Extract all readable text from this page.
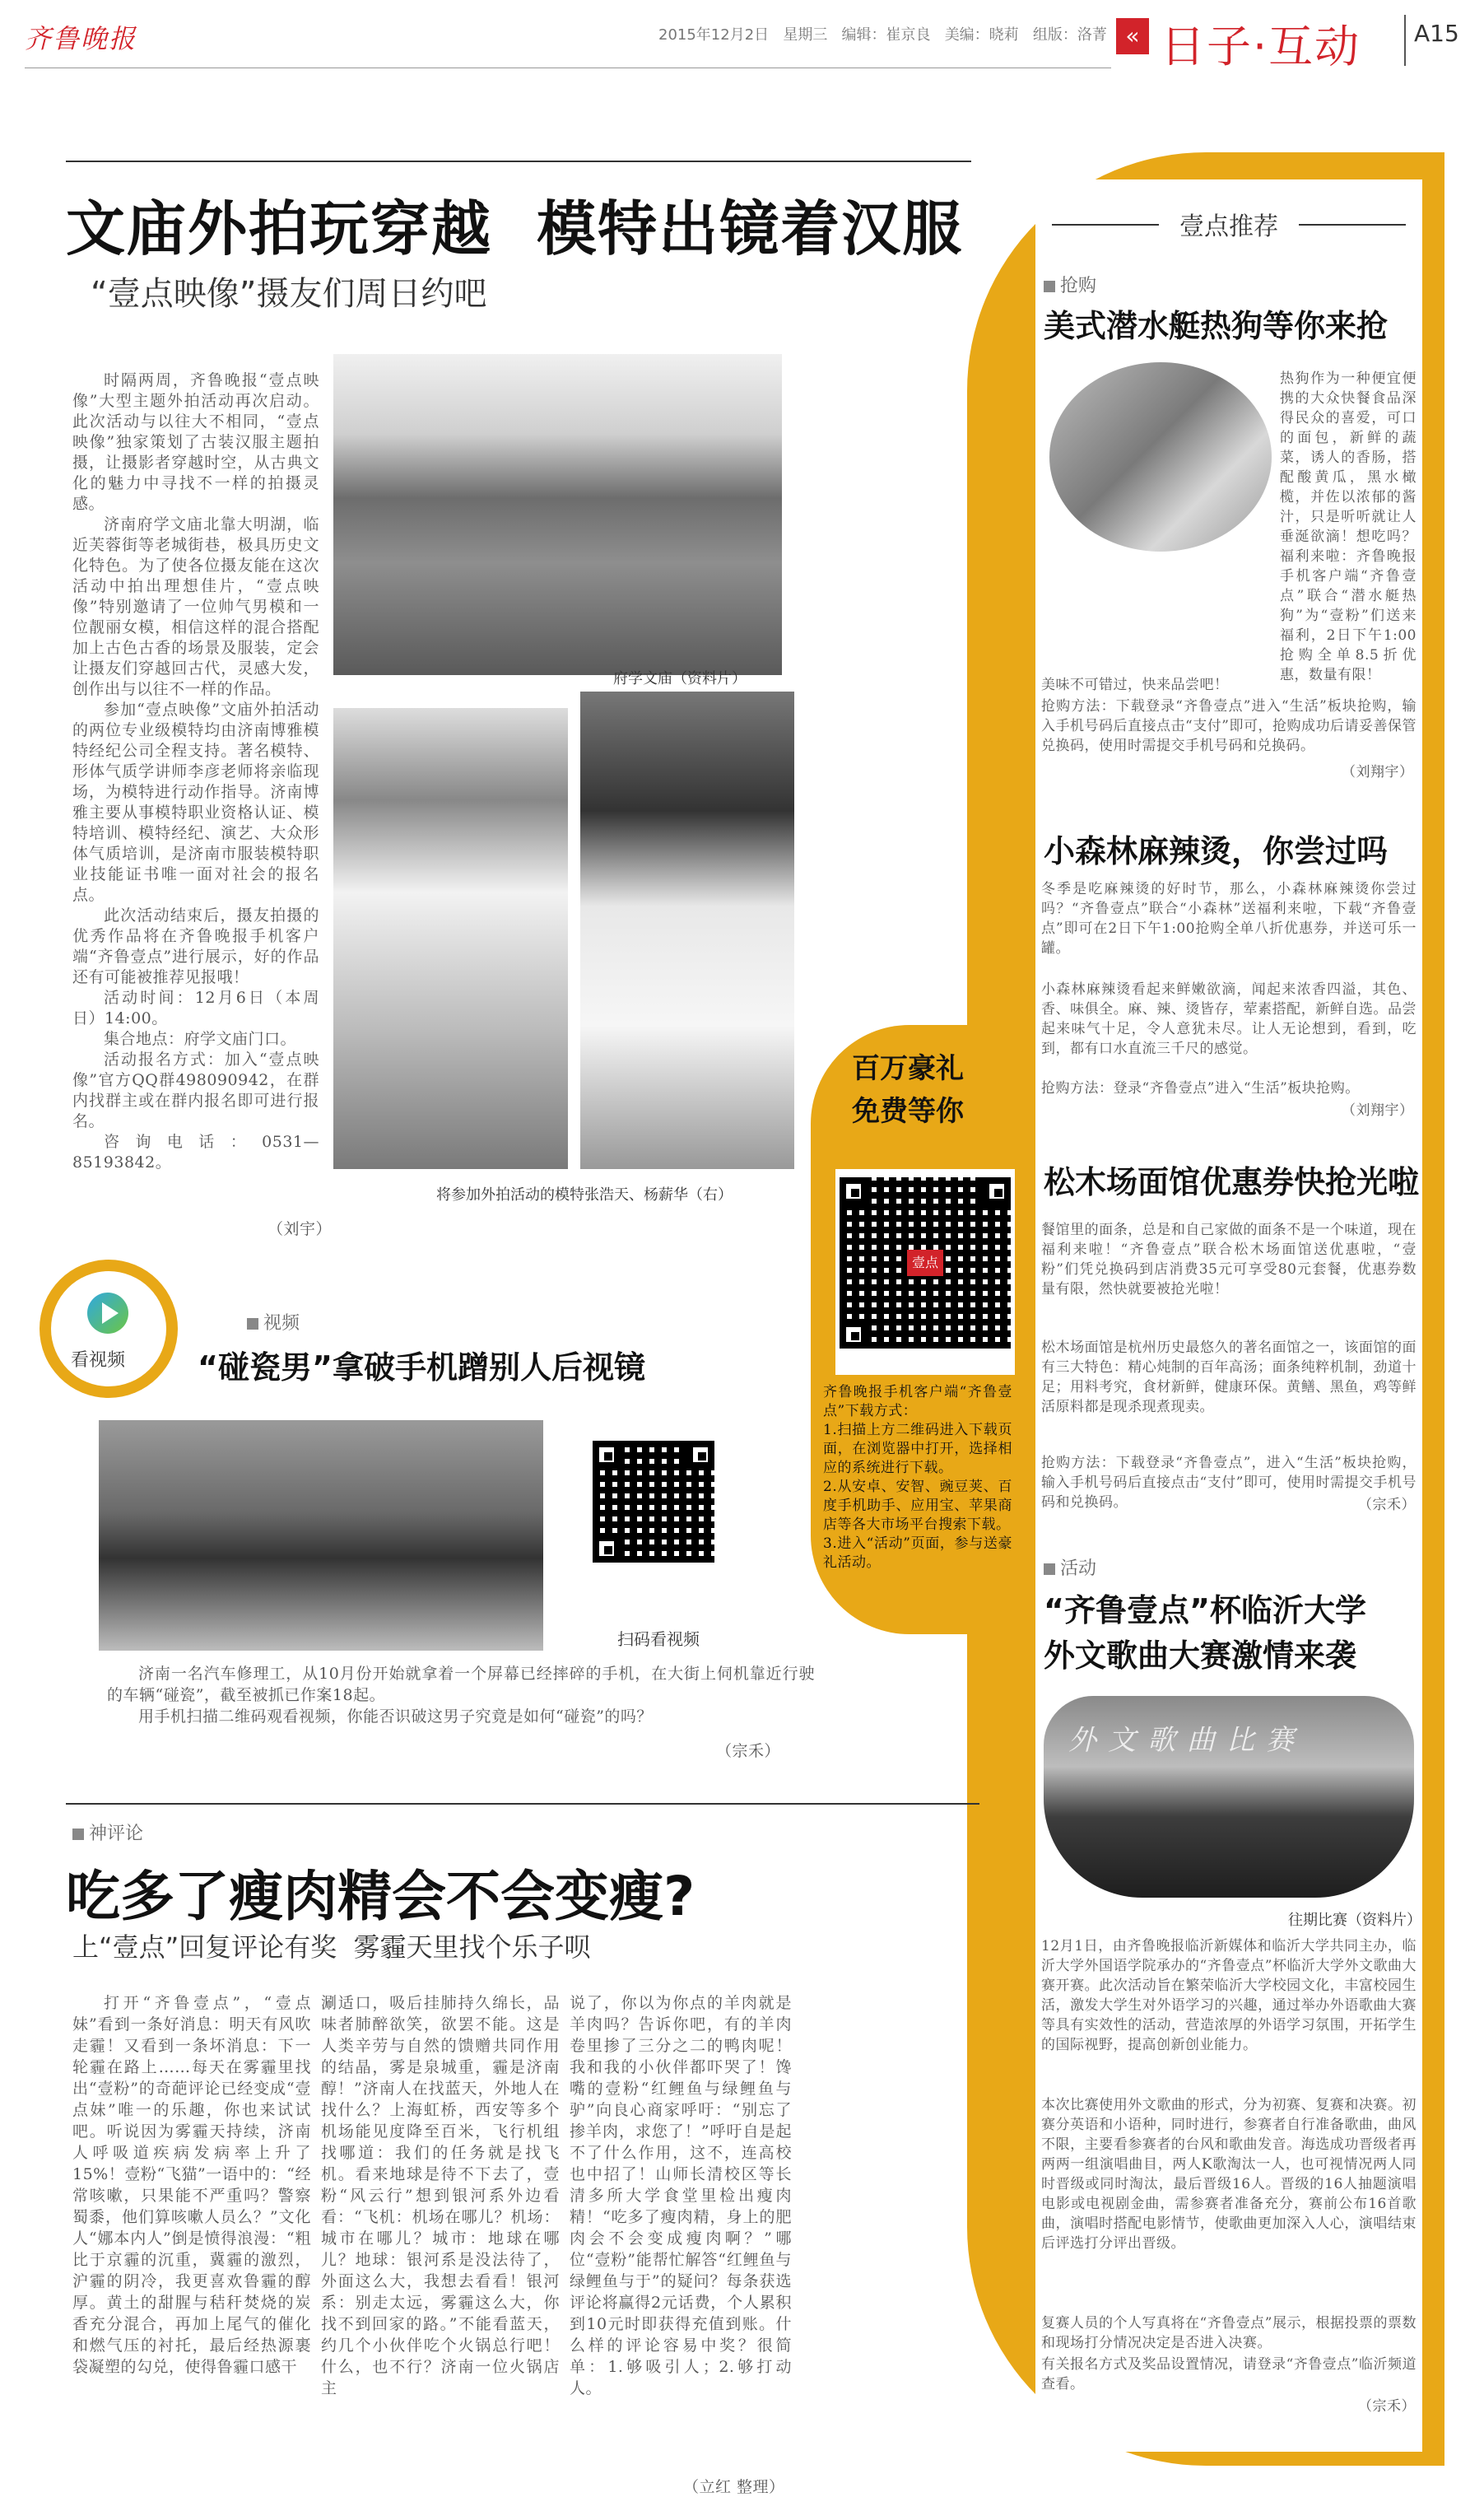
齐鲁晚报	2015年12月2日 星期三 编辑：崔京良 美编：晓莉 组版：洛菁 « 日子·互动 A15
壹点推荐
抢购
美式潜水艇热狗等你来抢
热狗作为一种便宜便携的大众快餐食品深得民众的喜爱，可口的面包，新鲜的蔬菜，诱人的香肠，搭配酸黄瓜，黑水橄榄，并佐以浓郁的酱汁，只是听听就让人垂涎欲滴！想吃吗？福利来啦：齐鲁晚报手机客户端“齐鲁壹点”联合“潜水艇热狗”为“壹粉”们送来福利，2日下午1:00抢购全单8.5折优惠，数量有限！
美味不可错过，快来品尝吧！
抢购方法：下载登录“齐鲁壹点”进入“生活”板块抢购，输入手机号码后直接点击“支付”即可，抢购成功后请妥善保管兑换码，使用时需提交手机号码和兑换码。
（刘翔宇）
小森林麻辣烫，你尝过吗
冬季是吃麻辣烫的好时节，那么，小森林麻辣烫你尝过吗？“齐鲁壹点”联合“小森林”送福利来啦，下载“齐鲁壹点”即可在2日下午1:00抢购全单八折优惠券，并送可乐一罐。
小森林麻辣烫看起来鲜嫩欲滴，闻起来浓香四溢，其色、香、味俱全。麻、辣、烫皆存，荤素搭配，新鲜自选。品尝起来味气十足，令人意犹未尽。让人无论想到，看到，吃到，都有口水直流三千尺的感觉。
抢购方法：登录“齐鲁壹点”进入“生活”板块抢购。
（刘翔宇）
松木场面馆优惠券快抢光啦
餐馆里的面条，总是和自己家做的面条不是一个味道，现在福利来啦！“齐鲁壹点”联合松木场面馆送优惠啦，“壹粉”们凭兑换码到店消费35元可享受80元套餐，优惠券数量有限，然快就要被抢光啦！
松木场面馆是杭州历史最悠久的著名面馆之一，该面馆的面有三大特色：精心炖制的百年高汤；面条纯粹机制，劲道十足；用料考究，食材新鲜，健康环保。黄鳝、黑鱼，鸡等鲜活原料都是现杀现煮现卖。
抢购方法：下载登录“齐鲁壹点”，进入“生活”板块抢购，输入手机号码后直接点击“支付”即可，使用时需提交手机号码和兑换码。	（宗禾）
活动
“齐鲁壹点”杯临沂大学
外文歌曲大赛激情来袭
外文歌曲比赛
往期比赛（资料片）
12月1日，由齐鲁晚报临沂新媒体和临沂大学共同主办，临沂大学外国语学院承办的“齐鲁壹点”杯临沂大学外文歌曲大赛开赛。此次活动旨在繁荣临沂大学校园文化，丰富校园生活，激发大学生对外语学习的兴趣，通过举办外语歌曲大赛等具有实效性的活动，营造浓厚的外语学习氛围，开拓学生的国际视野，提高创新创业能力。
本次比赛使用外文歌曲的形式，分为初赛、复赛和决赛。初赛分英语和小语种，同时进行，参赛者自行准备歌曲，曲风不限，主要看参赛者的台风和歌曲发音。海选成功晋级者再两两一组演唱曲目，两人K歌淘汰一人，也可视情况两人同时晋级或同时淘汰，最后晋级16人。晋级的16人抽题演唱电影或电视剧金曲，需参赛者准备充分，赛前公布16首歌曲，演唱时搭配电影情节，使歌曲更加深入人心，演唱结束后评选打分评出晋级。
复赛人员的个人写真将在“齐鲁壹点”展示，根据投票的票数和现场打分情况决定是否进入决赛。
有关报名方式及奖品设置情况，请登录“齐鲁壹点”临沂频道查看。
（宗禾）
文庙外拍玩穿越  模特出镜着汉服
“壹点映像”摄友们周日约吧

时隔两周，齐鲁晚报“壹点映像”大型主题外拍活动再次启动。此次活动与以往大不相同，“壹点映像”独家策划了古装汉服主题拍摄，让摄影者穿越时空，从古典文化的魅力中寻找不一样的拍摄灵感。

济南府学文庙北靠大明湖，临近芙蓉街等老城街巷，极具历史文化特色。为了使各位摄友能在这次活动中拍出理想佳片，“壹点映像”特别邀请了一位帅气男模和一位靓丽女模，相信这样的混合搭配加上古色古香的场景及服装，定会让摄友们穿越回古代，灵感大发，创作出与以往不一样的作品。

参加“壹点映像”文庙外拍活动的两位专业级模特均由济南博雅模特经纪公司全程支持。著名模特、形体气质学讲师李彦老师将亲临现场，为模特进行动作指导。济南博雅主要从事模特职业资格认证、模特培训、模特经纪、演艺、大众形体气质培训，是济南市服装模特职业技能证书唯一面对社会的报名点。

此次活动结束后，摄友拍摄的优秀作品将在齐鲁晚报手机客户端“齐鲁壹点”进行展示，好的作品还有可能被推荐见报哦！

活动时间：12月6日（本周日）14:00。

集合地点：府学文庙门口。

活动报名方式：加入“壹点映像”官方QQ群498090942，在群内找群主或在群内报名即可进行报名。

咨询电话：0531—85193842。

（刘宇）
府学文庙（资料片）
将参加外拍活动的模特张浩天、杨薪华（右）
看视频
视频
“碰瓷男”拿破手机蹭别人后视镜
扫码看视频

济南一名汽车修理工，从10月份开始就拿着一个屏幕已经摔碎的手机，在大街上伺机靠近行驶的车辆“碰瓷”，截至被抓已作案18起。

用手机扫描二维码观看视频，你能否识破这男子究竟是如何“碰瓷”的吗？

（宗禾）
百万豪礼
免费等你
壹点
齐鲁晚报手机客户端“齐鲁壹点”下载方式：
1.扫描上方二维码进入下载页面，在浏览器中打开，选择相应的系统进行下载。
2.从安卓、安智、豌豆荚、百度手机助手、应用宝、苹果商店等各大市场平台搜索下载。
3.进入“活动”页面，参与送豪礼活动。
神评论
吃多了瘦肉精会不会变瘦?
上“壹点”回复评论有奖  雾霾天里找个乐子呗
打开“齐鲁壹点”，“壹点妹”看到一条好消息：明天有风吹走霾！又看到一条坏消息：下一轮霾在路上……每天在雾霾里找出“壹粉”的奇葩评论已经变成“壹点妹”唯一的乐趣，你也来试试吧。听说因为雾霾天持续，济南人呼吸道疾病发病率上升了15%！壹粉“飞猫”一语中的：“经常咳嗽，只果能不严重吗？警察蜀黍，他们算咳嗽人员么？”文化人“娜本内人”倒是愤得浪漫：“粗比于京霾的沉重，冀霾的激烈，沪霾的阴冷，我更喜欢鲁霾的醇厚。黄土的甜腥与秸秆焚烧的炭香充分混合，再加上尾气的催化和燃气压的衬托，最后经热源裹袋凝塑的勾兑，使得鲁霾口感干
涮适口，吸后挂肺持久绵长，品味者肺醉欲笑，欲罢不能。这是人类辛劳与自然的馈赠共同作用的结晶，雾是泉城重，霾是济南醇！”济南人在找蓝天，外地人在找什么？上海虹桥，西安等多个机场能见度降至百米，飞行机组找哪道：我们的任务就是找飞机。看来地球是待不下去了，壹粉“风云行”想到银河系外边看看：“飞机：机场在哪儿？机场：城市在哪儿？城市：地球在哪儿？地球：银河系是没法待了，外面这么大，我想去看看！银河系：别走太远，雾霾这么大，你找不到回家的路。”不能看蓝天，约几个小伙伴吃个火锅总行吧！什么，也不行？济南一位火锅店主
说了，你以为你点的羊肉就是羊肉吗？告诉你吧，有的羊肉卷里掺了三分之二的鸭肉呢！我和我的小伙伴都吓哭了！馋嘴的壹粉“红鲤鱼与绿鲤鱼与驴”向良心商家呼吁：“别忘了掺羊肉，求您了！”呼吁自是起不了什么作用，这不，连高校也中招了！山师长清校区等长清多所大学食堂里检出瘦肉精！“吃多了瘦肉精，身上的肥肉会不会变成瘦肉啊？”哪位“壹粉”能帮忙解答“红鲤鱼与绿鲤鱼与于”的疑问？每条获选评论将赢得2元话费，个人累积到10元时即获得充值到账。什么样的评论容易中奖？很简单：1.够吸引人；2.够打动人。
（立红 整理）
